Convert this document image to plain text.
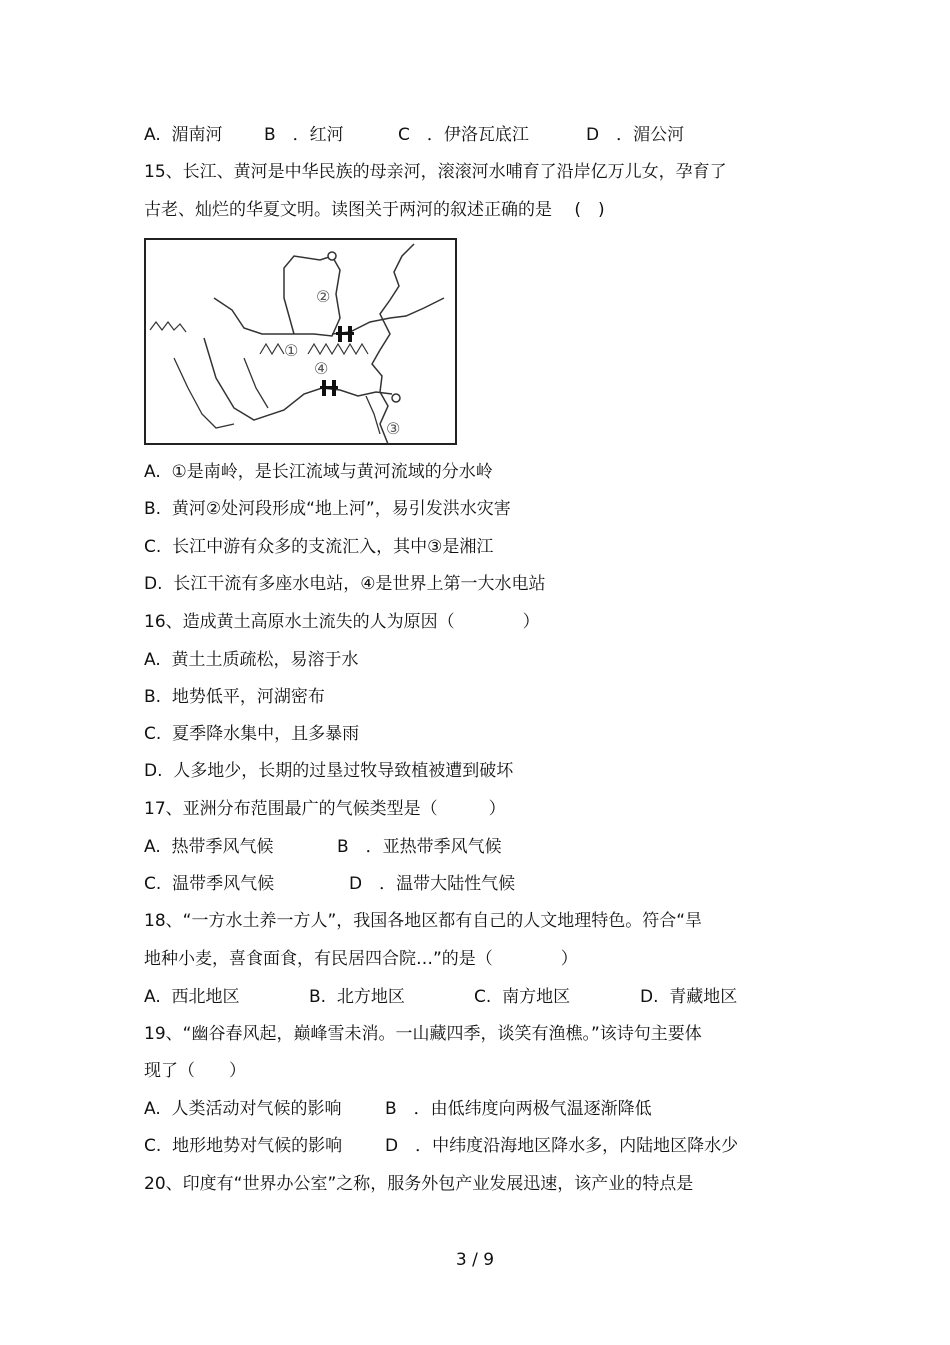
A.  湄南河 B　．红河	C　．伊洛瓦底江	D　．湄公河
15、长江、黄河是中华民族的母亲河，滚滚河水哺育了沿岸亿万儿女，孕育了
古老、灿烂的华夏文明。读图关于两河的叙述正确的是　 (　)
②
①
④
③
A.  ①是南岭，是长江流域与黄河流域的分水岭
B.  黄河②处河段形成“地上河”，易引发洪水灾害
C.  长江中游有众多的支流汇入，其中③是湘江
D.  长江干流有多座水电站，④是世界上第一大水电站
16、造成黄土高原水土流失的人为原因（　　　　）
A.  黄土土质疏松，易溶于水
B.  地势低平，河湖密布
C.  夏季降水集中，且多暴雨
D.  人多地少，长期的过垦过牧导致植被遭到破坏
17、亚洲分布范围最广的气候类型是（　　　）
A.  热带季风气候	B　．亚热带季风气候
C.  温带季风气候	D　．温带大陆性气候
18、“一方水土养一方人”，我国各地区都有自己的人文地理特色。符合“旱
地种小麦，喜食面食，有民居四合院…”的是（　　　　）
A.  西北地区	B.  北方地区	C.  南方地区	D.  青藏地区
19、“幽谷春风起，巅峰雪未消。一山藏四季，谈笑有渔樵。”该诗句主要体
现了（　　）
A.  人类活动对气候的影响	B　．由低纬度向两极气温逐渐降低
C.  地形地势对气候的影响	D　．中纬度沿海地区降水多，内陆地区降水少
20、印度有“世界办公室”之称，服务外包产业发展迅速，该产业的特点是
3 / 9
